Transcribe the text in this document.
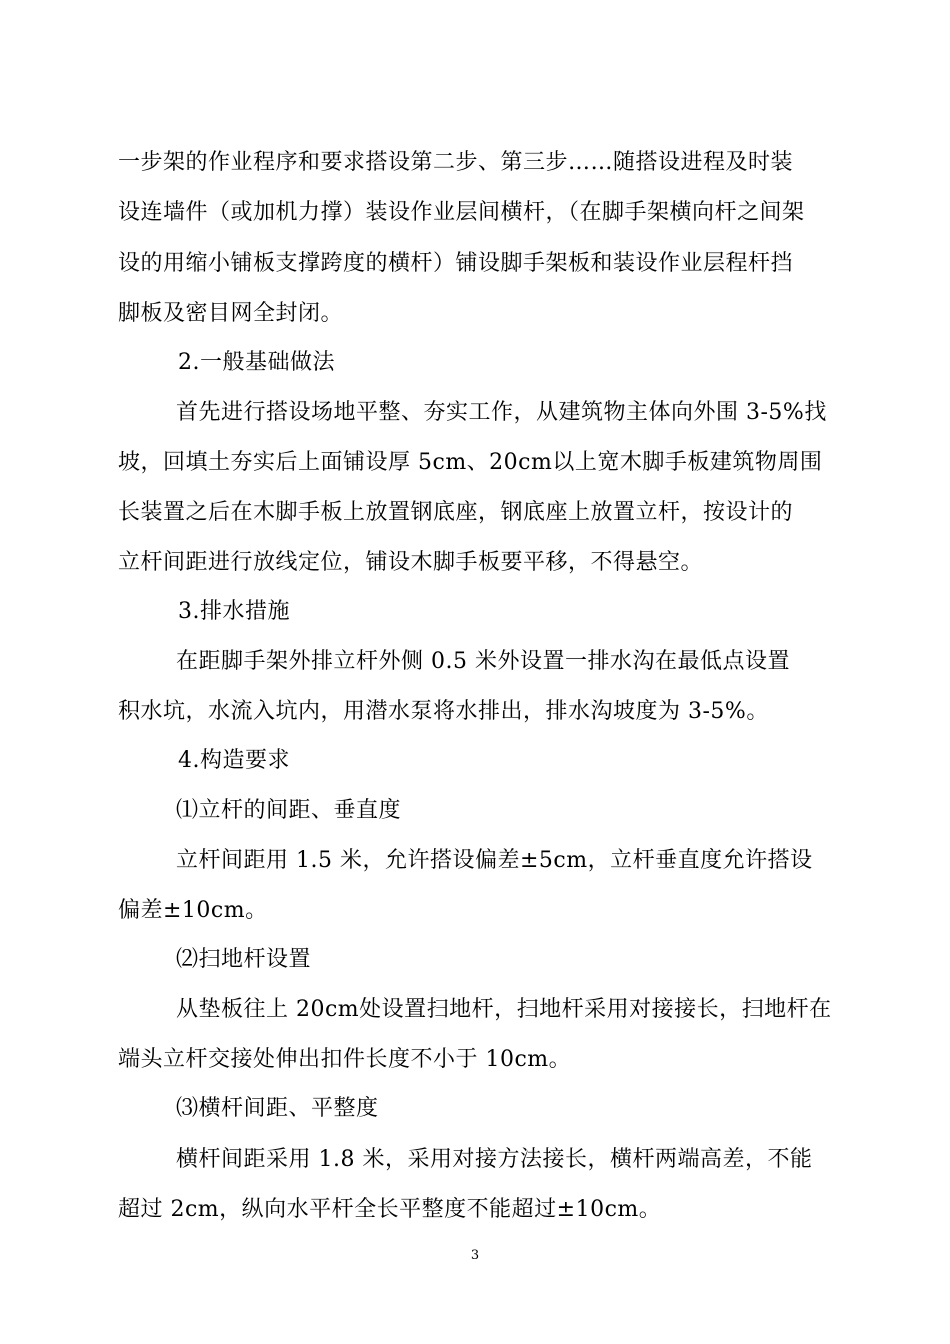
一步架的作业程序和要求搭设第二步、第三步……随搭设进程及时装
设连墙件（或加机力撑）装设作业层间横杆，（在脚手架横向杆之间架
设的用缩小铺板支撑跨度的横杆）铺设脚手架板和装设作业层程杆挡
脚板及密目网全封闭。
2.一般基础做法
首先进行搭设场地平整、夯实工作，从建筑物主体向外围 3-5%找
坡，回填土夯实后上面铺设厚 5cm、20cm以上宽木脚手板建筑物周围
长装置之后在木脚手板上放置钢底座，钢底座上放置立杆，按设计的
立杆间距进行放线定位，铺设木脚手板要平移，不得悬空。
3.排水措施
在距脚手架外排立杆外侧 0.5 米外设置一排水沟在最低点设置
积水坑，水流入坑内，用潜水泵将水排出，排水沟坡度为 3-5%。
4.构造要求
⑴立杆的间距、垂直度
立杆间距用 1.5 米，允许搭设偏差±5cm，立杆垂直度允许搭设
偏差±10cm。
⑵扫地杆设置
从垫板往上 20cm处设置扫地杆，扫地杆采用对接接长，扫地杆在
端头立杆交接处伸出扣件长度不小于 10cm。
⑶横杆间距、平整度
横杆间距采用 1.8 米，采用对接方法接长，横杆两端高差，不能
超过 2cm，纵向水平杆全长平整度不能超过±10cm。
3
